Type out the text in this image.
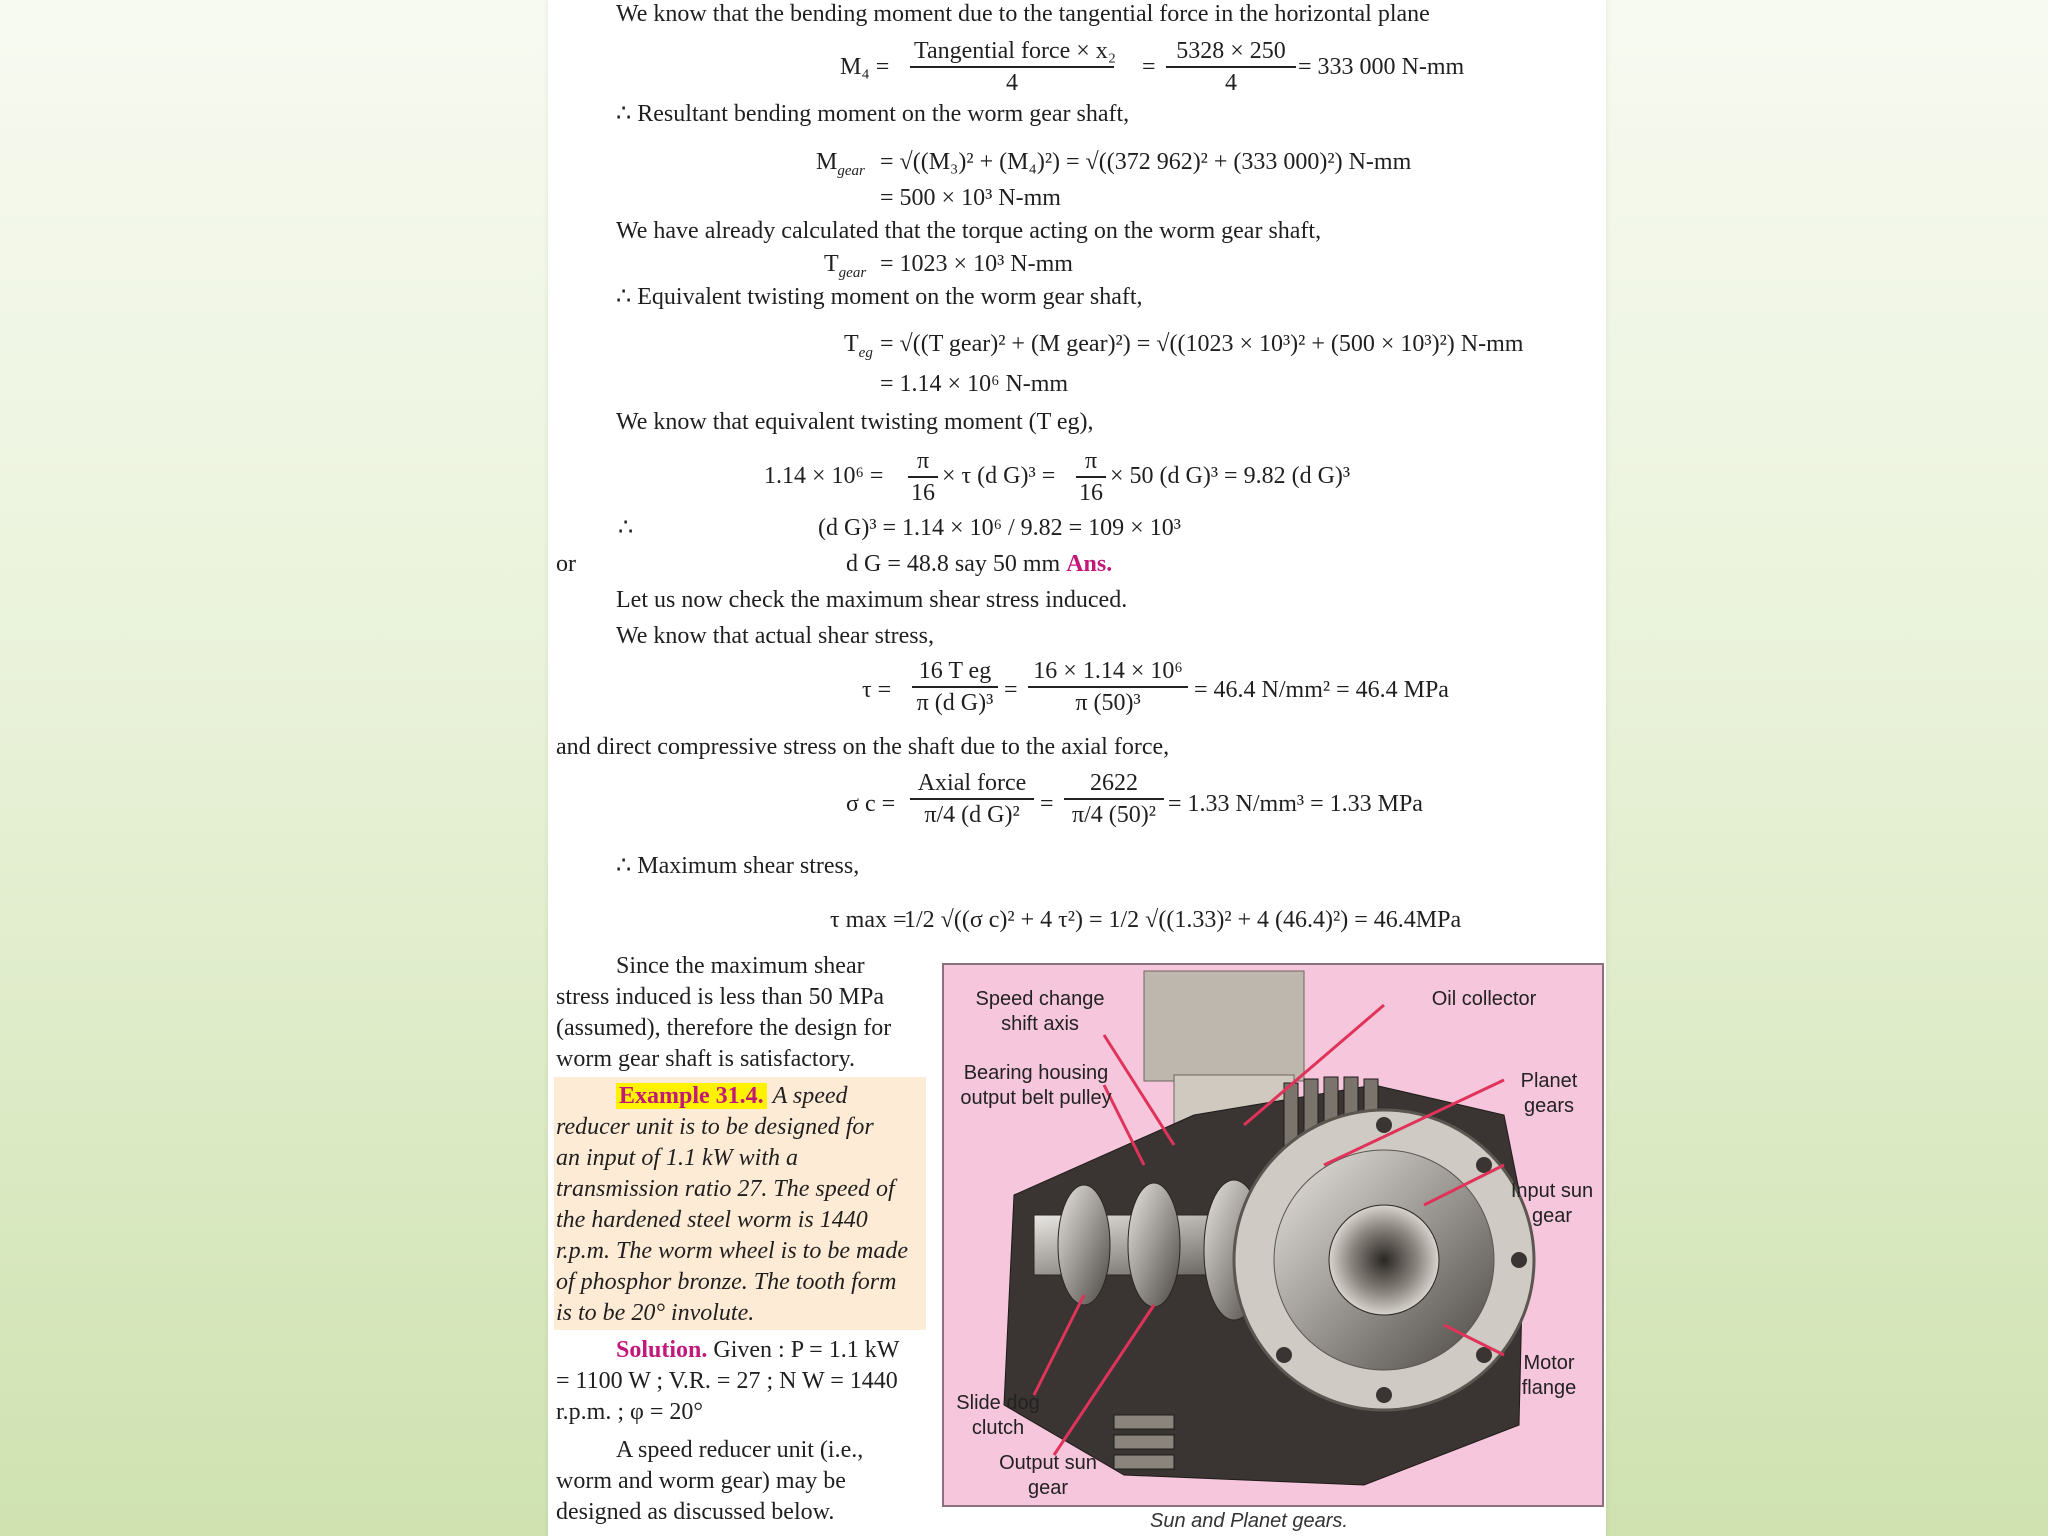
We know that the bending moment due to the tangential force in the horizontal plane
M₄ =
Tangential force × x₂
4
= $\frac{5328 \times 250}{4} = 333$ 000 N-mm
∴ Resultant bending moment on the worm gear shaft,
$M_{gear} = √((M_3)^2 + (M_4)^2) = √((372$ 962)² + (333 000)²) N-mm
= 500 × 10³ N-mm
We have already calculated that the torque acting on the worm gear shaft,
$T_{gear} = 1023 \times 10^3$ N-mm
∴ Equivalent twisting moment on the worm gear shaft,
$T_{eg} = √((T$ gear)² + (M gear)²) = √((1023 × 10³)² + (500 × 10³)²) N-mm
= 1.14 × 10⁶ N-mm
We know that equivalent twisting moment (T eg),
$1.14 \times 10^6 = \frac{\pi}{16} \times \tau$ (d $G)^3 = \frac{\pi}{16} \times 50$ (d G)³ = 9.82 (d G)³
∴	(d G)³ = 1.14 × 10⁶ / 9.82 = 109 × 10³
or	d G = 48.8 say 50 mm Ans.
Let us now check the maximum shear stress induced.
We know that actual shear stress,
$\tau = \frac{\text{16 T eg}}{\text{π (d G)³}} = \frac{\text{16 × 1.14 × 10⁶}}{\text{π (50)³}} = 46.4$ N/mm² = 46.4 MPa
and direct compressive stress on the shaft due to the axial force,
σ c =
Axial force
π/4 (d $G)^2 = \frac{2622}{\text{π/4 (50)²}} = 1.33$ N/mm³ = 1.33 MPa
∴ Maximum shear stress,
τ max =
1/2 √((σ c)² + 4 τ²) = 1/2 √((1.33)² + 4 (46.4)²) = 46.4MPa
Since the maximum shear
stress induced is less than 50 MPa
(assumed), therefore the design for
worm gear shaft is satisfactory.
Example 31.4. A speed
reducer unit is to be designed for
an input of 1.1 kW with a
transmission ratio 27. The speed of
the hardened steel worm is 1440
r.p.m. The worm wheel is to be made
of phosphor bronze. The tooth form
is to be 20° involute.
Solution. Given : P = 1.1 kW
= 1100 W ; V.R. = 27 ; N W = 1440
r.p.m. ; φ = 20°
A speed reducer unit (i.e.,
worm and worm gear) may be
designed as discussed below.
Speed change
shift axis
Bearing housing
output belt pulley
Oil collector
Planet
gears
Input sun
gear
Motor
flange
Slide dog
clutch
Output sun
gear
Sun and Planet gears.
